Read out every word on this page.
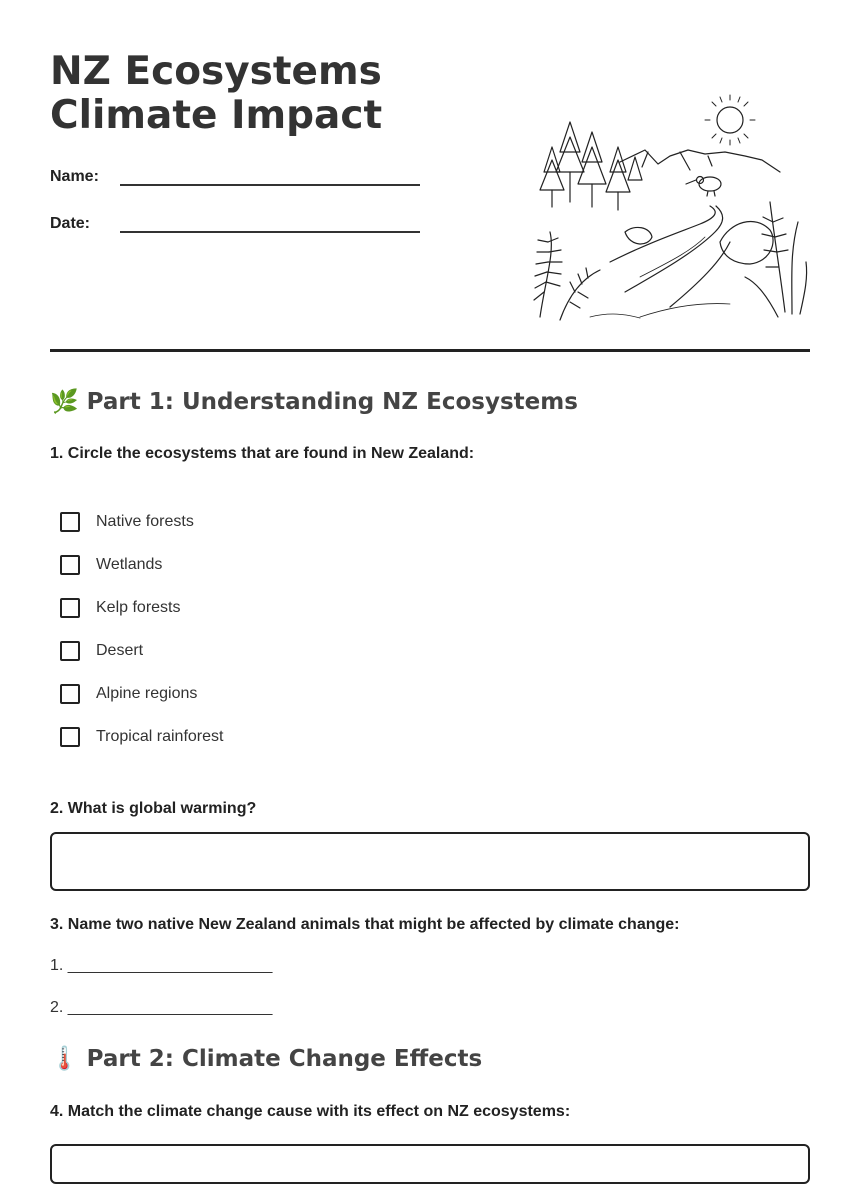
NZ Ecosystems Climate Impact
Name:
Date:
🌿 Part 1: Understanding NZ Ecosystems
1. Circle the ecosystems that are found in New Zealand:
Native forests
Wetlands
Kelp forests
Desert
Alpine regions
Tropical rainforest
2. What is global warming?
3. Name two native New Zealand animals that might be affected by climate change:
1. _______________________
2. _______________________
🌡️ Part 2: Climate Change Effects
4. Match the climate change cause with its effect on NZ ecosystems:
